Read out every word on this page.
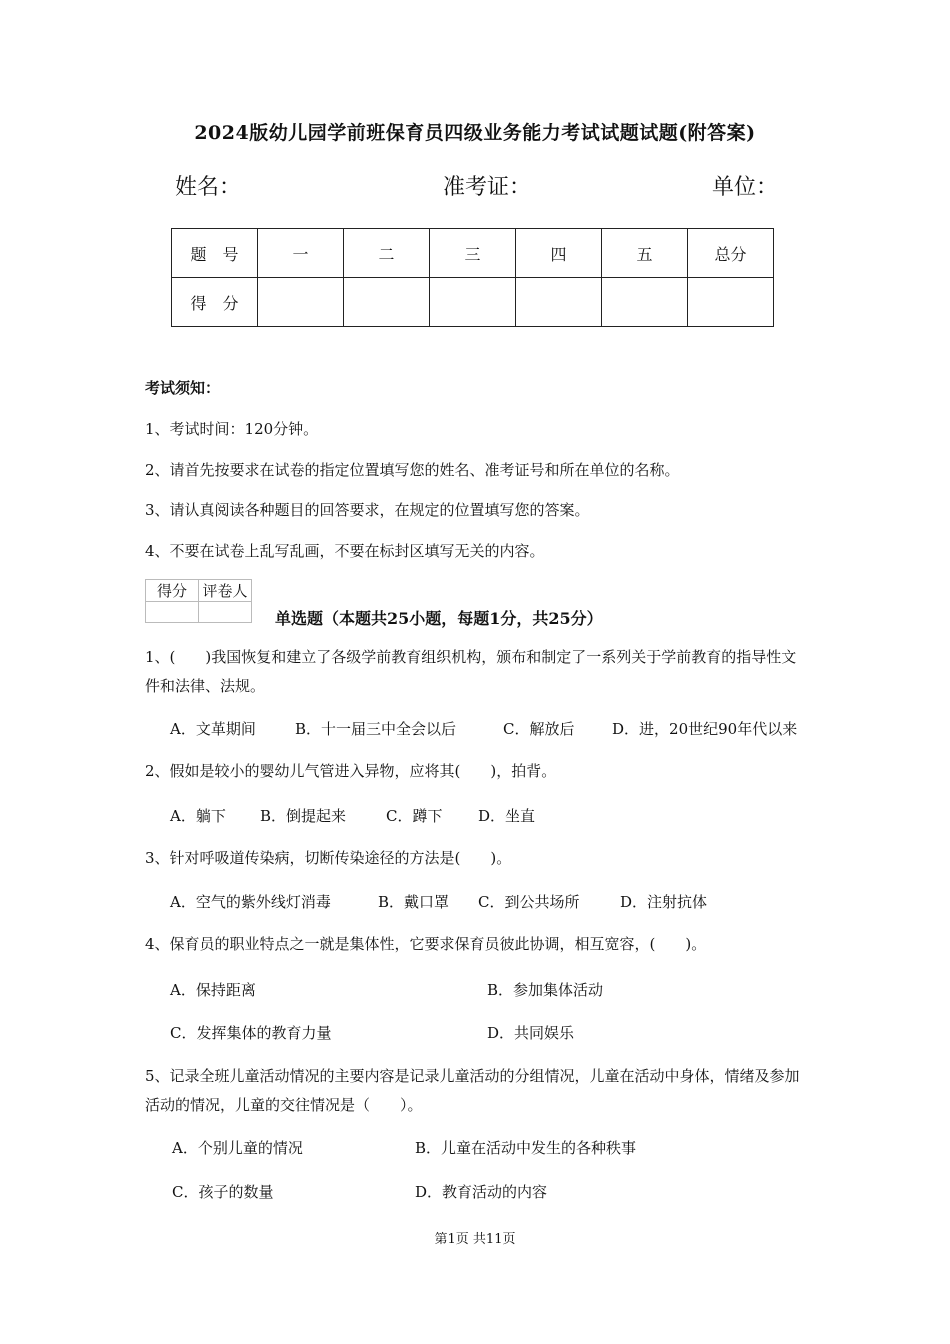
2024版幼儿园学前班保育员四级业务能力考试试题试题(附答案)
姓名：	准考证：	单位：
题　号	一	二	三	四	五	总分
得　分						
考试须知：
1、考试时间：120分钟。
2、请首先按要求在试卷的指定位置填写您的姓名、准考证号和所在单位的名称。
3、请认真阅读各种题目的回答要求，在规定的位置填写您的答案。
4、不要在试卷上乱写乱画，不要在标封区填写无关的内容。
得分	评卷人

单选题（本题共25小题，每题1分，共25分）
1、(　　)我国恢复和建立了各级学前教育组织机构，颁布和制定了一系列关于学前教育的指导性文件和法律、法规。
A．文革期间	B．十一届三中全会以后	C．解放后	D．进，20世纪90年代以来
2、假如是较小的婴幼儿气管进入异物，应将其(　　)，拍背。
A．躺下 B．倒提起来	C．蹲下 D．坐直
3、针对呼吸道传染病，切断传染途径的方法是(　　)。
A．空气的紫外线灯消毒	B．戴口罩 C．到公共场所	D．注射抗体
4、保育员的职业特点之一就是集体性，它要求保育员彼此协调，相互宽容，(　　)。
A．保持距离	B．参加集体活动
C．发挥集体的教育力量	D．共同娱乐
5、记录全班儿童活动情况的主要内容是记录儿童活动的分组情况，儿童在活动中身体，情绪及参加活动的情况，儿童的交往情况是（　　）。
A．个别儿童的情况	B．儿童在活动中发生的各种秩事
C．孩子的数量	D．教育活动的内容
第1页 共11页
